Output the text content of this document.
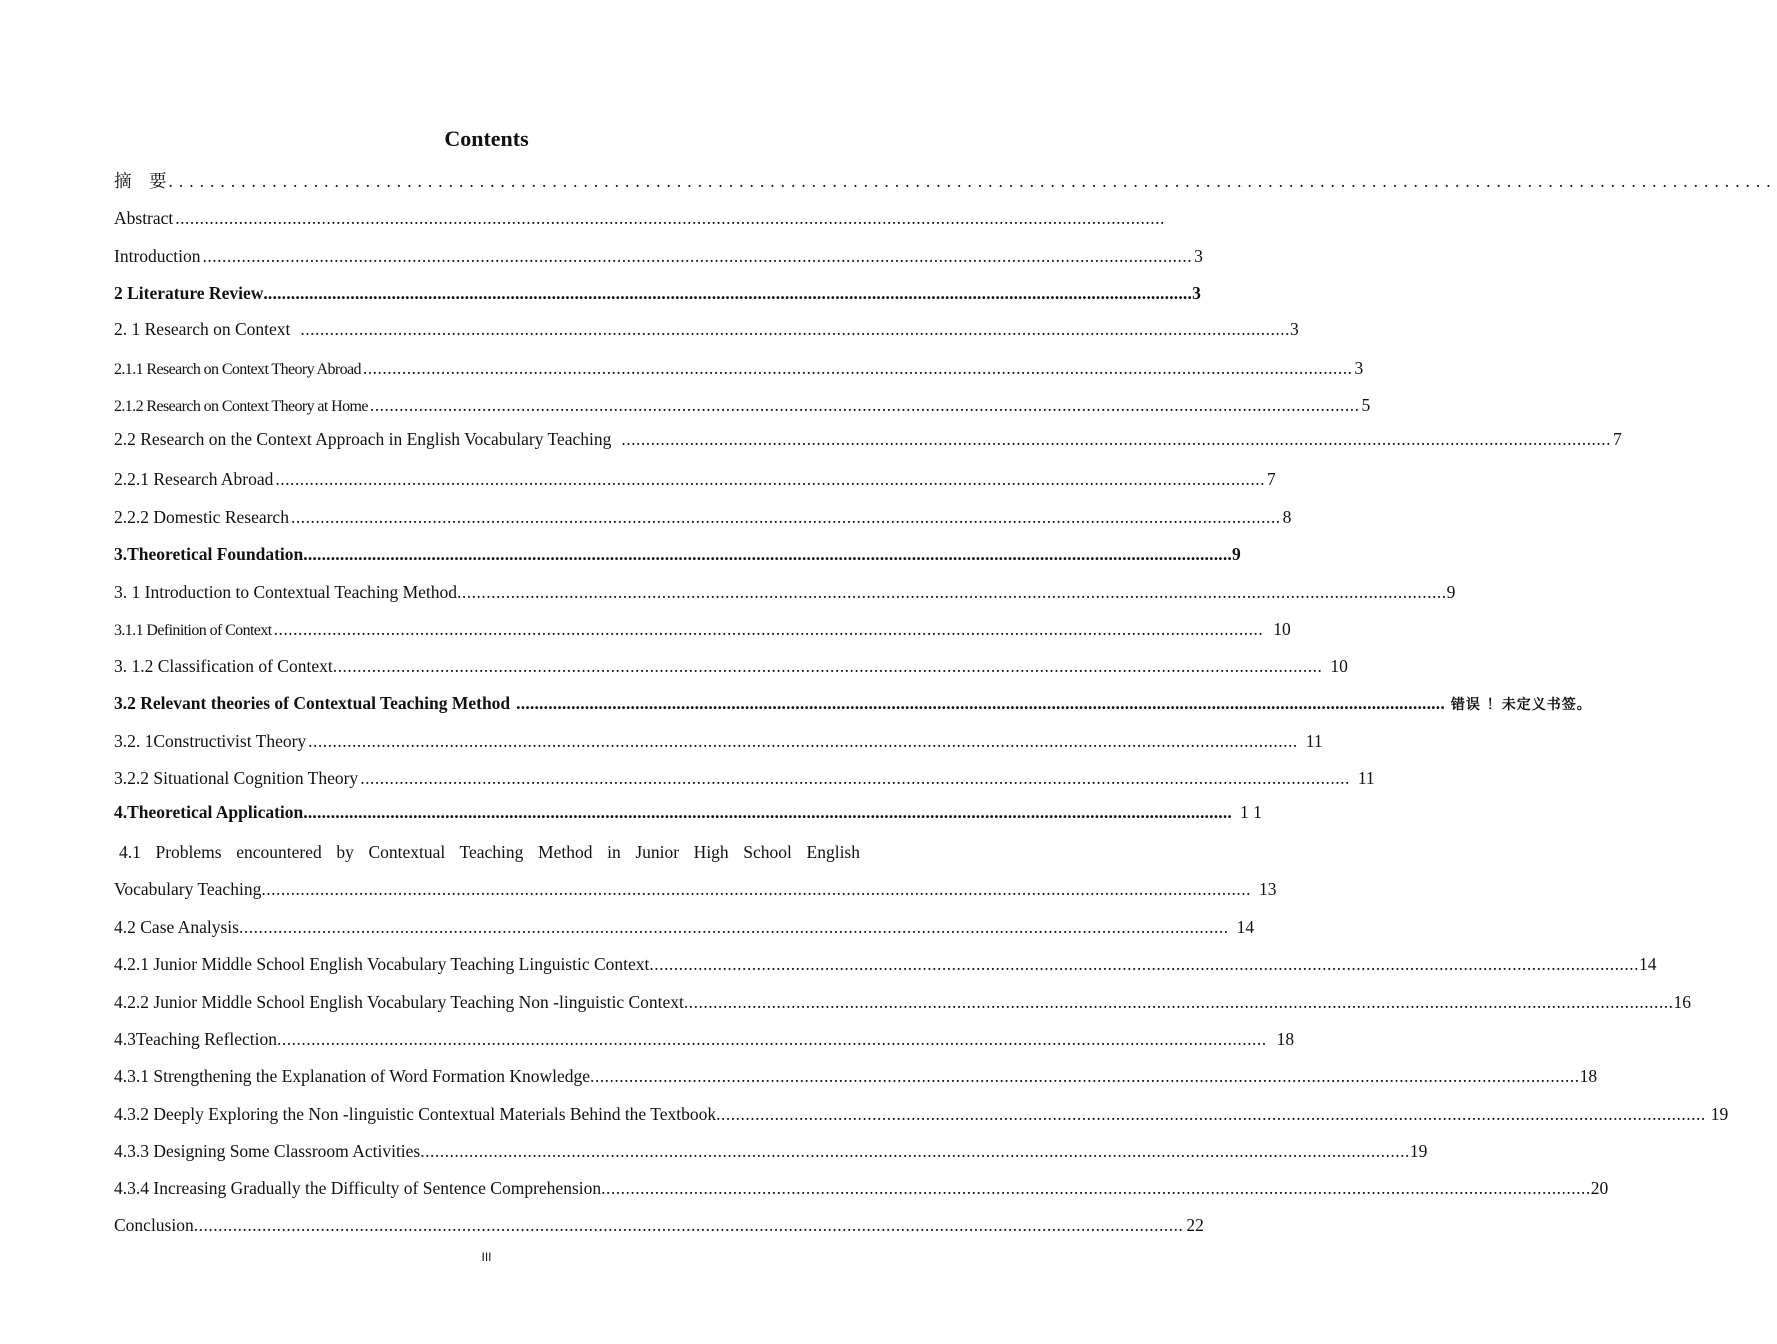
Contents
摘　要 ...........................................................................................................................................................
Abstract ...........................................................................................................................................................................................................
Introduction ........................................................................................................................................................................................................... 3
2 Literature Review ........................................................................................................................................................................................................... 3
2. 1 Research on Context ........................................................................................................................................................................................................... 3
2.1.1 Research on Context Theory Abroad ........................................................................................................................................................................................................... 3
2.1.2 Research on Context Theory at Home ........................................................................................................................................................................................................... 5
2.2 Research on the Context Approach in English Vocabulary Teaching ........................................................................................................................................................................................................... 7
2.2.1 Research Abroad ........................................................................................................................................................................................................... 7
2.2.2 Domestic Research ........................................................................................................................................................................................................... 8
3.Theoretical Foundation ........................................................................................................................................................................................................... 9
3. 1 Introduction to Contextual Teaching Method ........................................................................................................................................................................................................... 9
3.1.1 Definition of Context ........................................................................................................................................................................................................... 10
3. 1.2 Classification of Context ........................................................................................................................................................................................................... 10
3.2 Relevant theories of Contextual Teaching Method ........................................................................................................................................................................................................... 错误 ！未定义书签。
3.2. 1Constructivist Theory ........................................................................................................................................................................................................... 11
3.2.2 Situational Cognition Theory ........................................................................................................................................................................................................... 11
4.Theoretical Application ........................................................................................................................................................................................................... 1 1
4.1 Problems encountered by Contextual Teaching Method in Junior High School English
Vocabulary Teaching ........................................................................................................................................................................................................... 13
4.2 Case Analysis ........................................................................................................................................................................................................... 14
4.2.1 Junior Middle School English Vocabulary Teaching Linguistic Context ........................................................................................................................................................................................................... 14
4.2.2 Junior Middle School English Vocabulary Teaching Non -linguistic Context ........................................................................................................................................................................................................... 16
4.3Teaching Reflection ........................................................................................................................................................................................................... 18
4.3.1 Strengthening the Explanation of Word Formation Knowledge ........................................................................................................................................................................................................... 18
4.3.2 Deeply Exploring the Non -linguistic Contextual Materials Behind the Textbook ........................................................................................................................................................................................................... 19
4.3.3 Designing Some Classroom Activities ........................................................................................................................................................................................................... 19
4.3.4 Increasing Gradually the Difficulty of Sentence Comprehension ........................................................................................................................................................................................................... 20
Conclusion ........................................................................................................................................................................................................... 22
III
